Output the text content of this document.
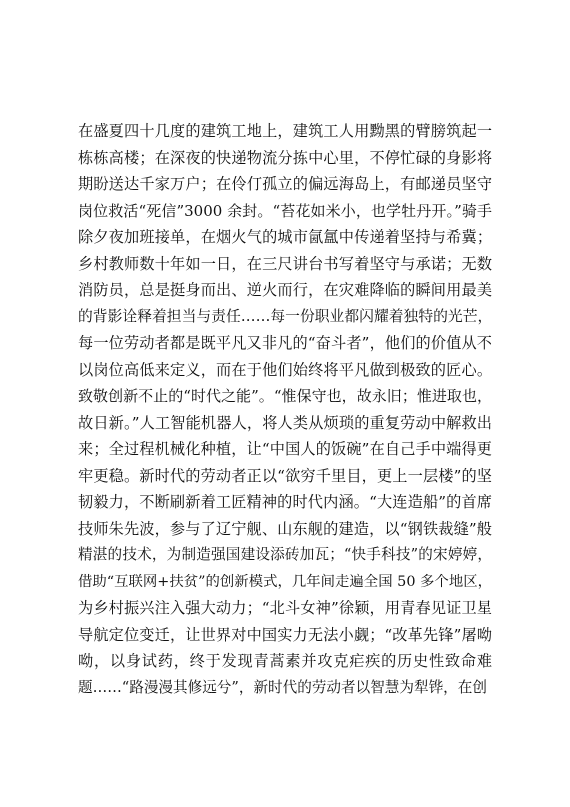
在盛夏四十几度的建筑工地上，建筑工人用黝黑的臂膀筑起一
栋栋高楼；在深夜的快递物流分拣中心里，不停忙碌的身影将
期盼送达千家万户；在伶仃孤立的偏远海岛上，有邮递员坚守
岗位救活“死信”3000 余封。“苔花如米小，也学牡丹开。”骑手
除夕夜加班接单，在烟火气的城市氤氲中传递着坚持与希冀；
乡村教师数十年如一日，在三尺讲台书写着坚守与承诺；无数
消防员，总是挺身而出、逆火而行，在灾难降临的瞬间用最美
的背影诠释着担当与责任……每一份职业都闪耀着独特的光芒，
每一位劳动者都是既平凡又非凡的“奋斗者”，他们的价值从不
以岗位高低来定义，而在于他们始终将平凡做到极致的匠心。
致敬创新不止的“时代之能”。“惟保守也，故永旧；惟进取也，
故日新。”人工智能机器人，将人类从烦琐的重复劳动中解救出
来；全过程机械化种植，让“中国人的饭碗”在自己手中端得更
牢更稳。新时代的劳动者正以“欲穷千里目，更上一层楼”的坚
韧毅力，不断刷新着工匠精神的时代内涵。“大连造船”的首席
技师朱先波，参与了辽宁舰、山东舰的建造，以“钢铁裁缝”般
精湛的技术，为制造强国建设添砖加瓦；“快手科技”的宋婷婷，
借助“互联网+扶贫”的创新模式，几年间走遍全国 50 多个地区，
为乡村振兴注入强大动力；“北斗女神”徐颖，用青春见证卫星
导航定位变迁，让世界对中国实力无法小觑；“改革先锋”屠呦
呦，以身试药，终于发现青蒿素并攻克疟疾的历史性致命难
题……“路漫漫其修远兮”，新时代的劳动者以智慧为犁铧，在创
